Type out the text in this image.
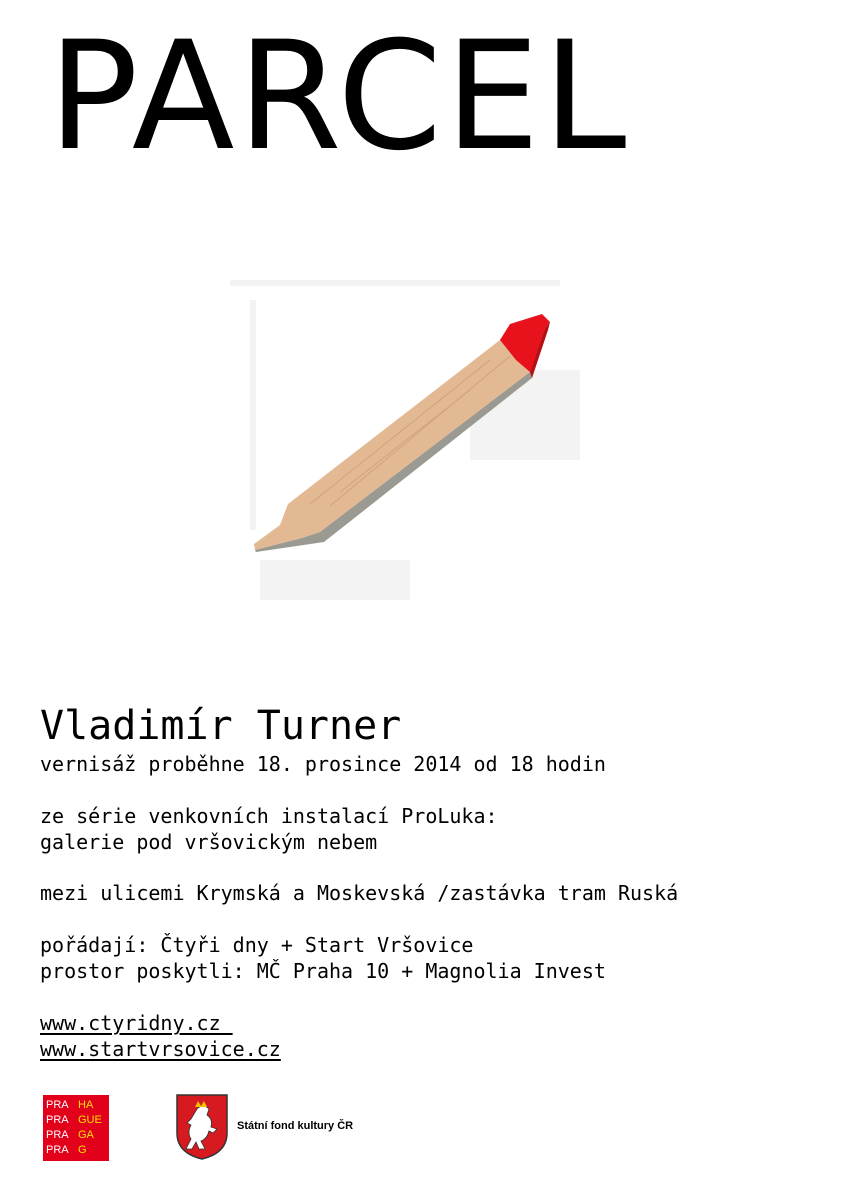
PARCEL
Vladimír Turner

vernisáž proběhne 18. prosince 2014 od 18 hodin

ze série venkovních instalací ProLuka:

galerie pod vršovickým nebem

mezi ulicemi Krymská a Moskevská /zastávka tram Ruská

pořádají: Čtyři dny + Start Vršovice

prostor poskytli: MČ Praha 10 + Magnolia Invest

www.ctyridny.cz

www.startvrsovice.cz

PRA HA
PRA GUE
PRA GA
PRA G
Státní fond kultury ČR
